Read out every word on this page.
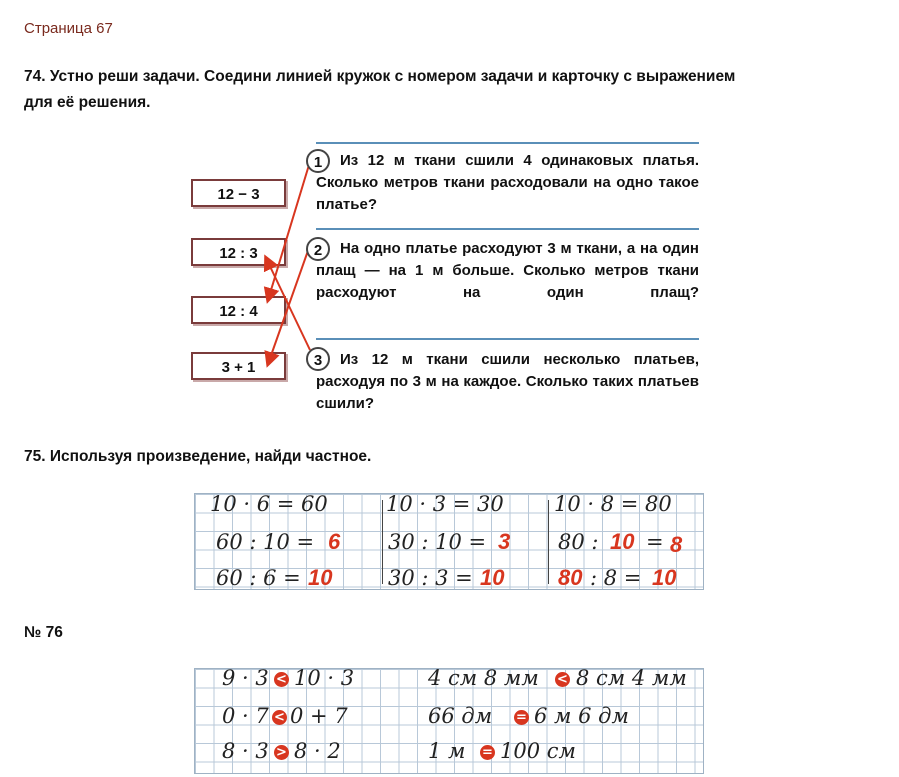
Страница 67
74. Устно реши задачи. Соедини линией кружок с номером задачи и карточку с выражением
для её решения.
12 − 3
12 : 3
12 : 4
3 + 1
Из 12 м ткани сшили 4 одинаковых платья. Сколько метров ткани расходовали на одно такое платье?
На одно платье расходуют 3 м ткани, а на один плащ — на 1 м больше. Сколько метров ткани расходуют на один плащ?
Из 12 м ткани сшили несколько платьев, расходуя по 3 м на каждое. Сколько таких платьев сшили?
1
2
3
75. Используя произведение, найди частное.
10 · 6 = 60
60 : 10 = 6
60 : 6 = 10
10 · 3 = 30
30 : 10 = 3
30 : 3 = 10
10 · 8 = 80
80 : 10 = 8
80 : 8 = 10
№ 76
9 · 3 < 10 · 3
0 · 7 < 0 + 7
8 · 3 > 8 · 2
4 см 8 мм < 8 см 4 мм
66 дм = 6 м 6 дм
1 м = 100 см
